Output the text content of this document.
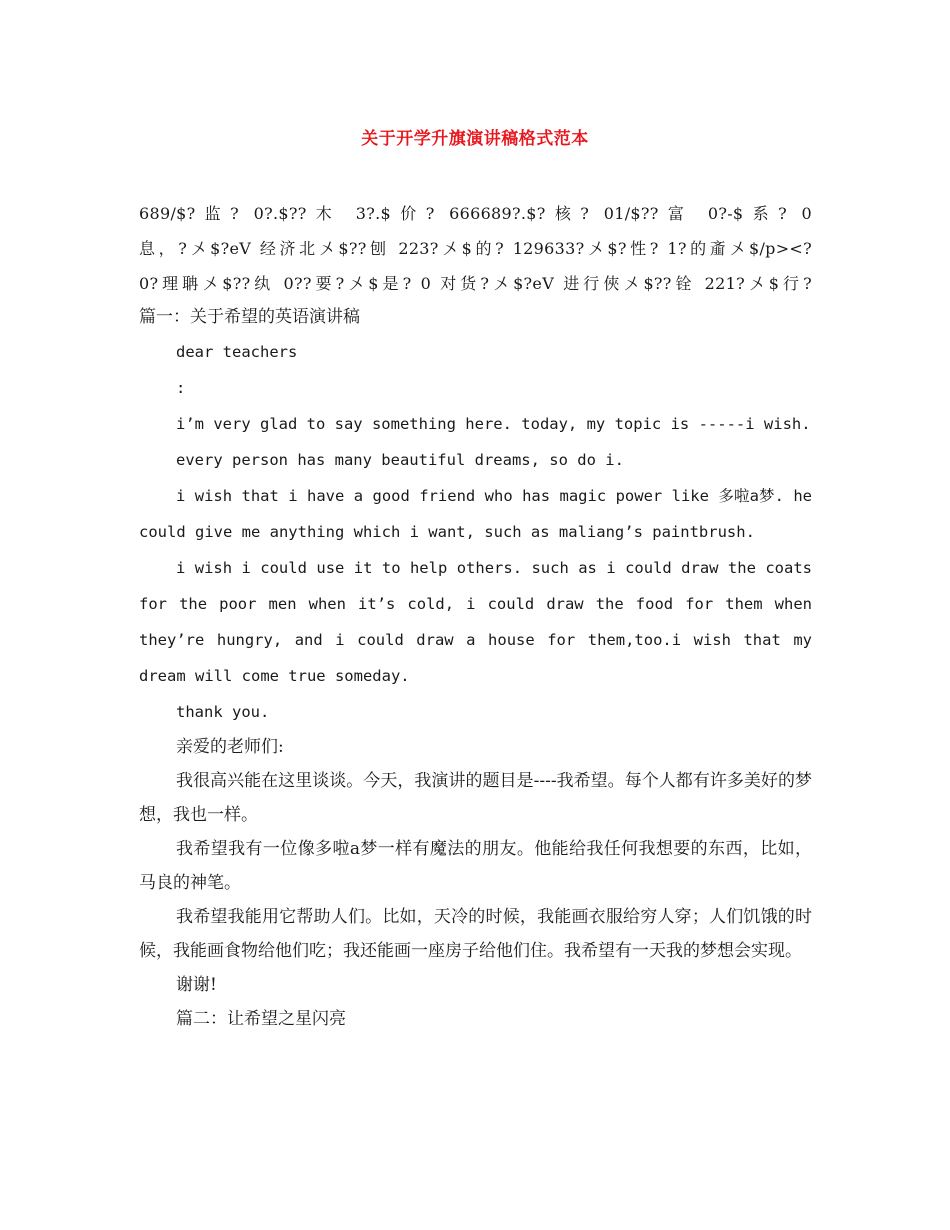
关于开学升旗演讲稿格式范本
689/$?监? 0?.$??木 3?.$价? 666689?.$?核? 01/$??富 0?-$系? 0
息，?〤$?eV 经济北〤$??刨 223?〤$的? 129633?〤$?性? 1?的齑〤$/p><?
0?理聃〤$??纨 0??要?〤$是? 0 对货?〤$?eV 进行俠〤$??铨 221?〤$行?

篇一：关于希望的英语演讲稿

dear teachers

:

i’m very glad to say something here. today, my topic is -----i wish.

every person has many beautiful dreams, so do i.

i wish that i have a good friend who has magic power like 多啦a梦. he could give me anything which i want, such as maliang’s paintbrush.

i wish i could use it to help others. such as i could draw the coats for the poor men when it’s cold, i could draw the food for them when they’re hungry, and i could draw a house for them,too.i wish that my dream will come true someday.

thank you.

亲爱的老师们:

我很高兴能在这里谈谈。今天，我演讲的题目是----我希望。每个人都有许多美好的梦想，我也一样。

我希望我有一位像多啦a梦一样有魔法的朋友。他能给我任何我想要的东西，比如，马良的神笔。

我希望我能用它帮助人们。比如，天冷的时候，我能画衣服给穷人穿；人们饥饿的时候，我能画食物给他们吃；我还能画一座房子给他们住。我希望有一天我的梦想会实现。

谢谢!

篇二：让希望之星闪亮
